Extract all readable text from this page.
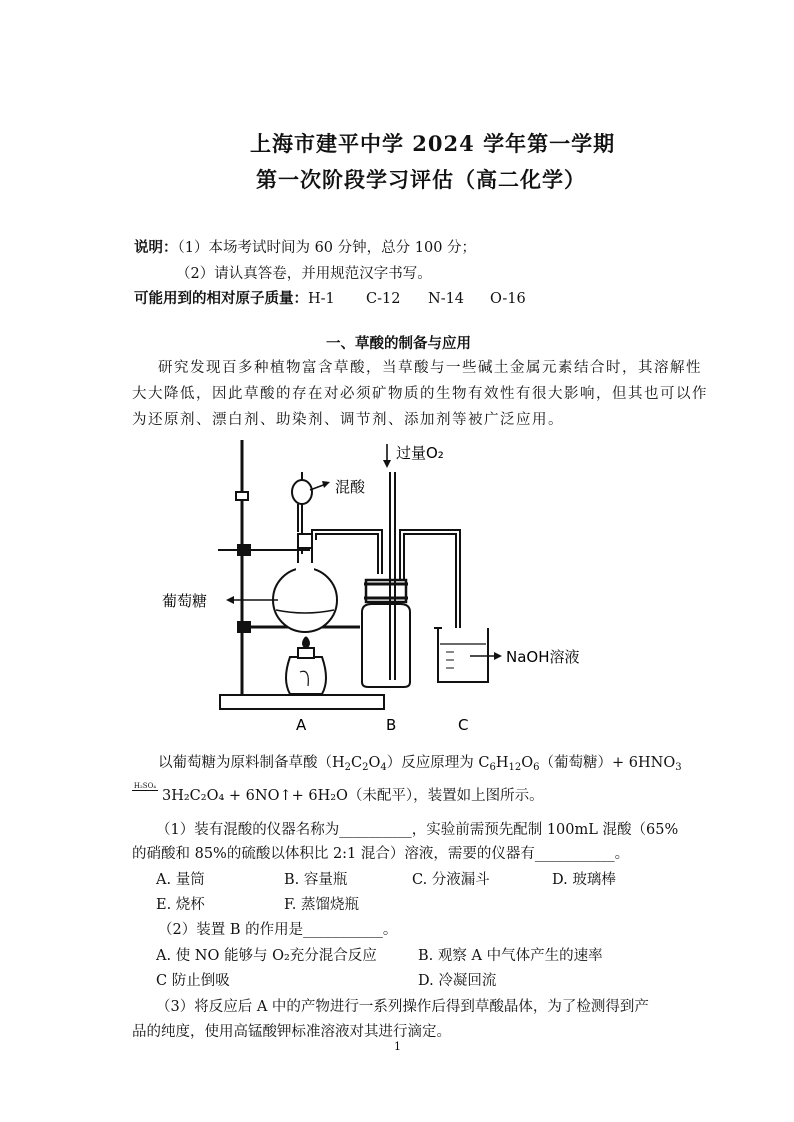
上海市建平中学 2024 学年第一学期
第一次阶段学习评估（高二化学）
说明：（1）本场考试时间为 60 分钟，总分 100 分；
（2）请认真答卷，并用规范汉字书写。
可能用到的相对原子质量：H-1 C-12 N-14 O-16
一、草酸的制备与应用
研究发现百多种植物富含草酸，当草酸与一些碱土金属元素结合时，其溶解性
大大降低，因此草酸的存在对必须矿物质的生物有效性有很大影响，但其也可以作
为还原剂、漂白剂、助染剂、调节剂、添加剂等被广泛应用。
过量O₂
混酸
葡萄糖
NaOH溶液
A	B	C
以葡萄糖为原料制备草酸$(H_2C_2O_4)$反应原理为 $C_6H_{12}O_6$（葡萄糖）+ $6HNO_3$
H₂SO₄
3H₂C₂O₄ + 6NO↑+ 6H₂O（未配平），装置如上图所示。
（1）装有混酸的仪器名称为__________，实验前需预先配制 100mL 混酸（65%
的硝酸和 85%的硫酸以体积比 2:1 混合）溶液，需要的仪器有___________。
A. 量筒	B. 容量瓶	C. 分液漏斗	D. 玻璃棒
E. 烧杯	F. 蒸馏烧瓶
（2）装置 B 的作用是___________。
A. 使 NO 能够与 O₂充分混合反应	B. 观察 A 中气体产生的速率
C 防止倒吸	D. 冷凝回流
（3）将反应后 A 中的产物进行一系列操作后得到草酸晶体，为了检测得到产
品的纯度，使用高锰酸钾标准溶液对其进行滴定。
1
